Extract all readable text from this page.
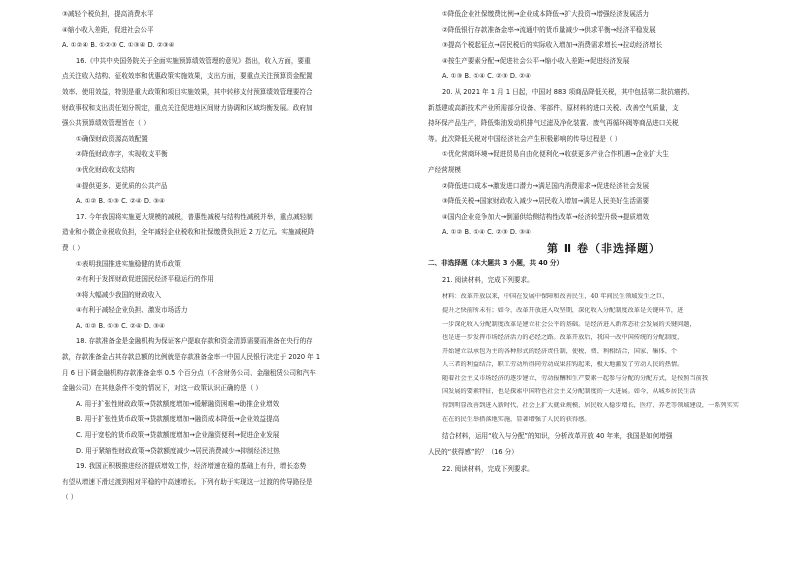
③减轻个税负担，提高消费水平
④缩小收入差距，促进社会公平
A. ①②④ B. ①②③ C. ①③④ D. ②③④
16.《中共中央国务院关于全面实施预算绩效管理的意见》指出，收入方面，要重
点关注收入结构、征收效率和优惠政策实施效果，支出方面，要重点关注预算资金配置
效率、使用效益，特别是重大政策和项目实施效果，其中转移支付预算绩效管理要符合
财政事权和支出责任划分规定，重点关注促进地区间财力协调和区域均衡发展。政府加
强公共预算绩效管理旨在（ ）
①确保财政资源高效配置
②降低财政赤字，实现收支平衡
③优化财政收支结构
④提供更多、更优质的公共产品
A. ①② B. ①③ C. ②④ D. ③④
17. 今年我国将实施更大规模的减税，普惠性减税与结构性减税并举，重点减轻制
造业和小微企业税收负担，全年减轻企业税收和社保缴费负担近 2 万亿元。实施减税降
费（ ）
①表明我国推进实施稳健的货币政策
②有利于发挥财政促进国民经济平稳运行的作用
③将大幅减少我国的财政收入
④有利于减轻企业负担、激发市场活力
A. ①② B. ①③ C. ②④ D. ③④
18. 存款准备金是金融机构为保证客户提取存款和资金清算需要而准备在央行的存
款，存款准备金占其存款总额的比例就是存款准备金率一中国人民银行决定于 2020 年 1
月 6 日下调金融机构存款准备金率 0.5 个百分点（不含财务公司、金融租赁公司和汽车
金融公司）在其他条件不变的情况下，对这一政策认识正确的是（ ）
A. 用于扩张性财政政策→贷款额度增加→缓解融资困难→助推企业增效
B. 用于扩张性货币政策→贷款额度增加→融资成本降低→企业效益提高
C. 用于宽松的货币政策→贷款额度增加→企业融资便利→促进企业发展
D. 用于紧缩性财政政策→贷款额度减少→居民消费减少→抑制经济过热
19. 我国正积极推进经济提质增效工作，经济增速在稳的基础上有升，增长态势
有望从增速下滑过渡到相对平稳的中高速增长。下列有助于实现这一过渡的传导路径是
（ ）
①降低企业社保缴费比例→企业成本降低→扩大投资→增强经济发展活力
②降低银行存款准备金率→流通中的货币量减少→供求平衡→经济平稳发展
③提高个税起征点→居民税后的实际收入增加→消费需求增长→拉动经济增长
④按生产要素分配→促进社会公平→缩小收入差距→促进经济发展
A. ①③ B. ①④ C. ②③ D. ②④
20. 从 2021 年 1 月 1 日起，中国对 883 项商品降低关税，其中包括第二批抗癌药、
新基建或高新技术产业所需部分设备、零部件、原材料的进口关税、改善空气质量，支
持环保产品生产，降低柴油发动机排气过滤及净化装置、废气再循环阀等商品进口关税
等。此次降低关税对中国经济社会产生积极影响的传导过程是（ ）
①优化营商环境→促进贸易自由化便利化→收获更多产业合作机遇→企业扩大生
产经营规模
②降低进口成本→激发进口潜力→满足国内消费需求→促进经济社会发展
③降低关税→国家财政收入减少→居民收入增加→满足人民美好生活需要
④国内企业竞争加大→倒逼供给侧结构性改革→经济转型升级→提质增效
A. ①② B. ①④ C. ②③ D. ③④
第 Ⅱ 卷（非选择题）
二、非选择题（本大题共 3 小题，共 40 分）
21. 阅读材料，完成下列要求。
材料：改革开放以来，中国在发展中保障和改善民生，40 年间民生领域发生之巨，
提升之快前所未有；如今，改革开放进入攻坚期，深化收入分配制度改革是关键环节，进
一步深化收入分配制度改革是建立社会公平的基础。是经济进入新常态社会发展的关键问题，
也是进一步发挥市场经济活力的必经之路。改革开放后，我国一改中国传统的分配制度，
开始建立以承包为主的各种形式的经济责任制，使税、费、利相结合，国家、集体、个
人三者的利益结合，职工劳动所得同劳动成果挂钩起来，极大地激发了劳动人民的热情。
随着社会主义市场经济的逐步建立，劳动报酬和生产要素一起参与分配的分配方式，是按照当前我
国发展的要素特征，也是探索中国特色社会主义分配制度的一大进展。如今，从城乡居民生活
得到明显改善到进入新时代，社会上扩大就业规模，居民收入稳步增长，医疗、养老等领域建设，一系列实实
在在的民生举措落地实施，显著增强了人民的获得感。
结合材料，运用“收入与分配”的知识，分析改革开放 40 年来，我国是如何增强
人民的“获得感”的？（16 分）
22. 阅读材料，完成下列要求。
